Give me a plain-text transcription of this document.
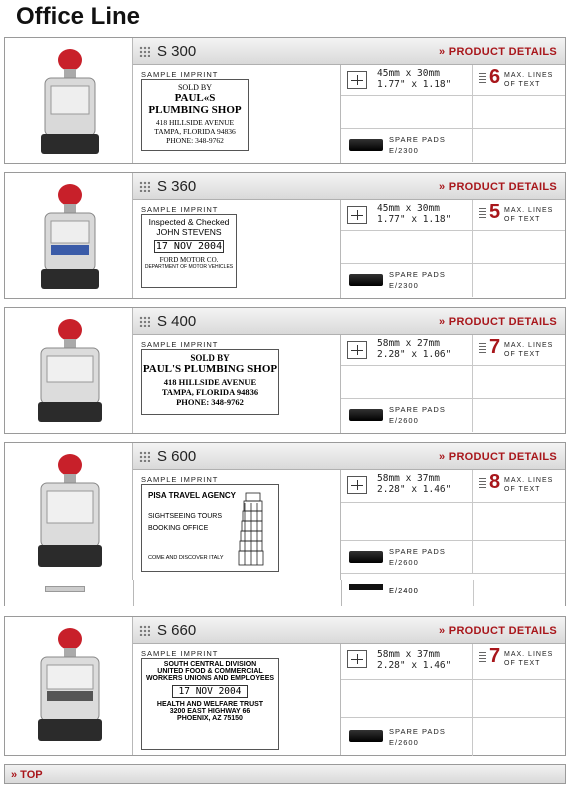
Office Line
S 300	» PRODUCT DETAILS
SAMPLE IMPRINT
SOLD BY
PAUL«S
PLUMBING SHOP
418 HILLSIDE AVENUE
TAMPA, FLORIDA 94836
PHONE: 348-9762
45mm x 30mm
1.77" x 1.18" 6 MAX. LINES
OF TEXT
SPARE PADS
E/2300
S 360	» PRODUCT DETAILS
SAMPLE IMPRINT
Inspected & Checked
JOHN STEVENS
17 NOV 2004
FORD MOTOR CO.
DEPARTMENT OF MOTOR VEHICLES
45mm x 30mm
1.77" x 1.18" 5 MAX. LINES
OF TEXT
SPARE PADS
E/2300
S 400	» PRODUCT DETAILS
SAMPLE IMPRINT
SOLD BY
PAUL'S PLUMBING SHOP
418 HILLSIDE AVENUE
TAMPA, FLORIDA 94836
PHONE: 348-9762
58mm x 27mm
2.28" x 1.06" 7 MAX. LINES
OF TEXT
SPARE PADS
E/2600
S 600	» PRODUCT DETAILS
SAMPLE IMPRINT
PISA TRAVEL AGENCY
SIGHTSEEING TOURS
BOOKING OFFICE
COME AND DISCOVER ITALY
58mm x 37mm
2.28" x 1.46" 8 MAX. LINES
OF TEXT
SPARE PADS
E/2600
E/2400
S 660	» PRODUCT DETAILS
SAMPLE IMPRINT
SOUTH CENTRAL DIVISION
UNITED FOOD & COMMERCIAL
WORKERS UNIONS AND EMPLOYEES
17 NOV 2004
HEALTH AND WELFARE TRUST
3200 EAST HIGHWAY 66
PHOENIX, AZ 75150
58mm x 37mm
2.28" x 1.46" 7 MAX. LINES
OF TEXT
SPARE PADS
E/2600
» TOP
